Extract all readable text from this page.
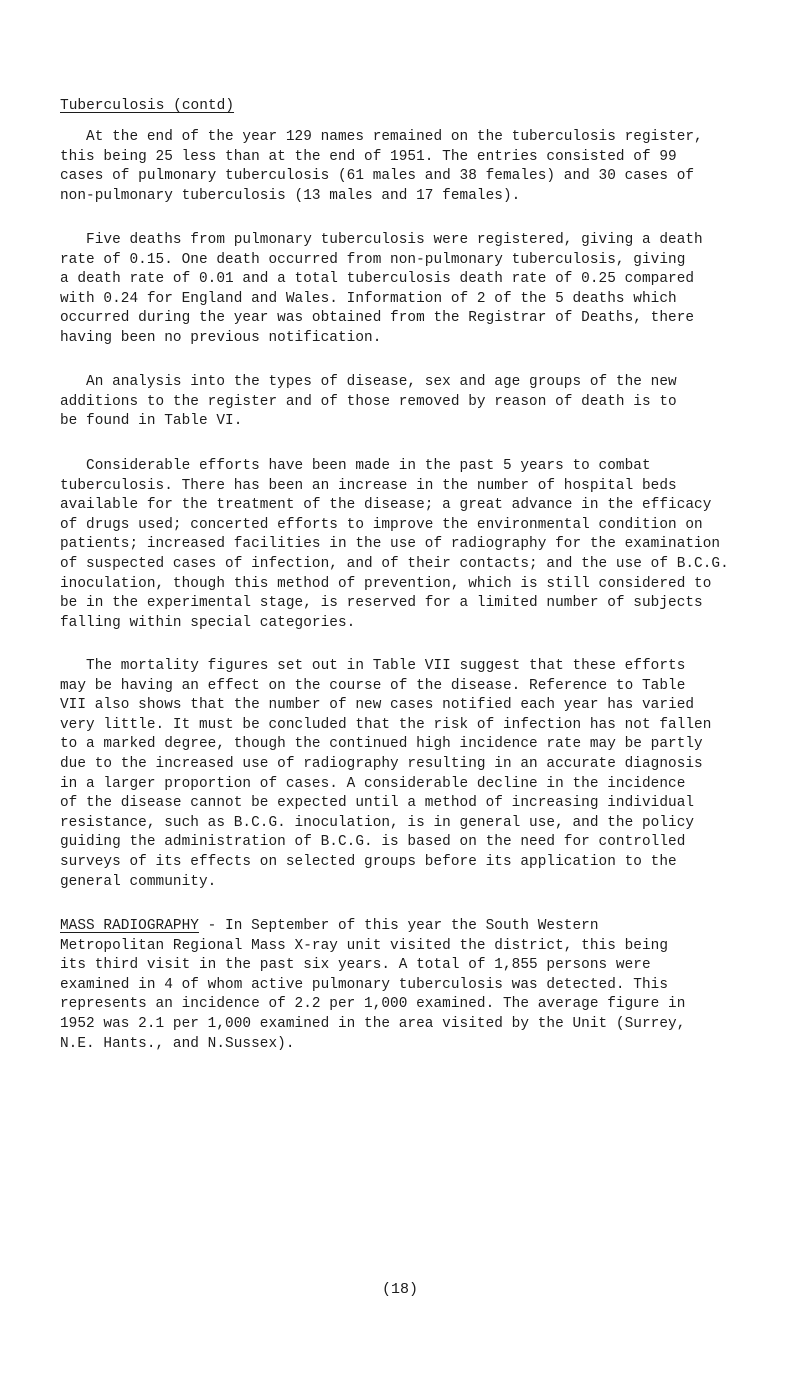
Tuberculosis (contd)
At the end of the year 129 names remained on the tuberculosis register,
this being 25 less than at the end of 1951. The entries consisted of 99
cases of pulmonary tuberculosis (61 males and 38 females) and 30 cases of
non-pulmonary tuberculosis (13 males and 17 females).
Five deaths from pulmonary tuberculosis were registered, giving a death
rate of 0.15. One death occurred from non-pulmonary tuberculosis, giving
a death rate of 0.01 and a total tuberculosis death rate of 0.25 compared
with 0.24 for England and Wales. Information of 2 of the 5 deaths which
occurred during the year was obtained from the Registrar of Deaths, there
having been no previous notification.
An analysis into the types of disease, sex and age groups of the new
additions to the register and of those removed by reason of death is to
be found in Table VI.
Considerable efforts have been made in the past 5 years to combat
tuberculosis. There has been an increase in the number of hospital beds
available for the treatment of the disease; a great advance in the efficacy
of drugs used; concerted efforts to improve the environmental condition on
patients; increased facilities in the use of radiography for the examination
of suspected cases of infection, and of their contacts; and the use of B.C.G.
inoculation, though this method of prevention, which is still considered to
be in the experimental stage, is reserved for a limited number of subjects
falling within special categories.
The mortality figures set out in Table VII suggest that these efforts
may be having an effect on the course of the disease. Reference to Table
VII also shows that the number of new cases notified each year has varied
very little. It must be concluded that the risk of infection has not fallen
to a marked degree, though the continued high incidence rate may be partly
due to the increased use of radiography resulting in an accurate diagnosis
in a larger proportion of cases. A considerable decline in the incidence
of the disease cannot be expected until a method of increasing individual
resistance, such as B.C.G. inoculation, is in general use, and the policy
guiding the administration of B.C.G. is based on the need for controlled
surveys of its effects on selected groups before its application to the
general community.
MASS RADIOGRAPHY - In September of this year the South Western
Metropolitan Regional Mass X-ray unit visited the district, this being
its third visit in the past six years. A total of 1,855 persons were
examined in 4 of whom active pulmonary tuberculosis was detected. This
represents an incidence of 2.2 per 1,000 examined. The average figure in
1952 was 2.1 per 1,000 examined in the area visited by the Unit (Surrey,
N.E. Hants., and N.Sussex).
(18)
